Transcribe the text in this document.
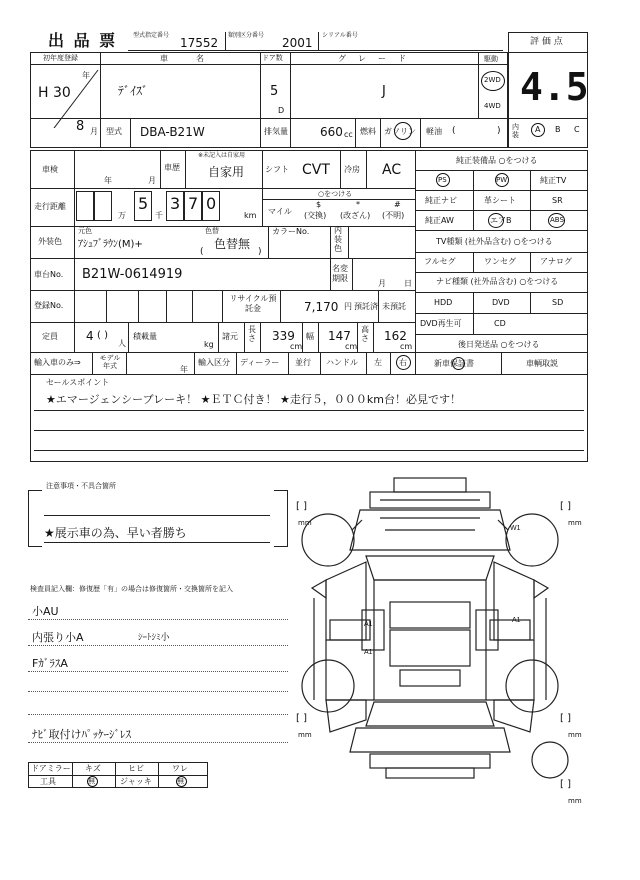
出 品 票	型式指定番号
17552
類別区分番号
2001
シリアル番号
評 価 点
4.5
内装
A B C
初年度登録
年
H 30
8 月
車　　名
ﾃﾞｲｽﾞ
ドア数
5
D
グ　レ　ー　ド
J
駆動
2WD
4WD
型式 DBA-B21W	排気量	660 cc 燃料 ガソリン 軽油 (	)
車検
年	月
車歴
※未記入は自家用
自家用	シフト CVT 冷房 AC
走行距離	5 3 7 0
万	千	km
○をつける
マイル
$
(交換)
*
(改ざん)
#
(不明)
外装色
元色
ｱｼｭﾌﾞﾗｳﾝ(M)+
色替
色替無
(	)
カラーNo.	内装色
車台No. B21W-0614919	名変期限
月 日
登録No.
リサイクル預託金	7,170 円 預託済 未預託
定員 4 ( )
人
積載量
kg
諸元
長さ 339
cm
幅 147
cm
高さ 162
cm
輸入車のみ⇒	モデル年式	年
輸入区分 ディーラー 並行 ハンドル 左 右
純正装備品 ○をつける
PS	PW	純正TV
純正ナビ	革シート	SR
純正AW	エアB	ABS
TV種類 (社外品含む) ○をつける
フルセグ	ワンセグ	アナログ
ナビ種類 (社外品含む) ○をつける
HDD	DVD	SD
DVD再生可	CD
後日発送品 ○をつける
新車保証書	車輌取説
セールスポイント
★エマージェンシーブレーキ！ ★ＥＴＣ付き！ ★走行５，０００km台！必見です！
注意事項・不具合箇所
★展示車の為、早い者勝ち
検査員記入欄：修復歴「有」の場合は修復箇所・交換箇所を記入
小AU
内張り小A	ｼｰﾄｼﾐ小
FｶﾞﾗｽA
ﾅﾋﾞ取付けﾊﾟｯｹｰｼﾞﾚｽ
ドアミラー キズ	ヒビ	ワレ
工具	無	ジャッキ	無
W1
A1
A1
A1
[ ]
mm
[ ]
mm
[ ]
mm
[ ]
mm
[ ]
mm
